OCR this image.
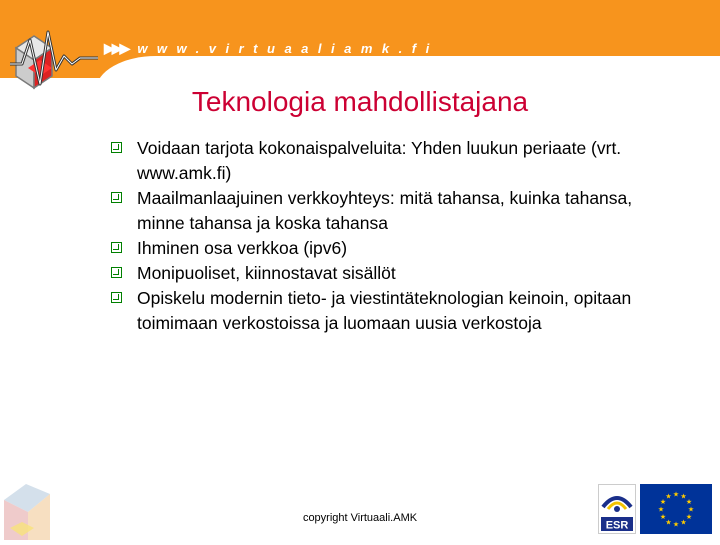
▶▶▶ www.virtuaaliamk.fi
Teknologia mahdollistajana
Voidaan tarjota kokonaispalveluita: Yhden luukun periaate (vrt. www.amk.fi)
Maailmanlaajuinen verkkoyhteys: mitä tahansa, kuinka tahansa, minne tahansa ja koska tahansa
Ihminen osa verkkoa (ipv6)
Monipuoliset, kiinnostavat sisällöt
Opiskelu modernin tieto- ja viestintäteknologian keinoin, opitaan toimimaan verkostoissa ja luomaan uusia verkostoja
copyright Virtuaali.AMK
ESR
★ ★
★
★
★
★
★
★
★
★
★
★
